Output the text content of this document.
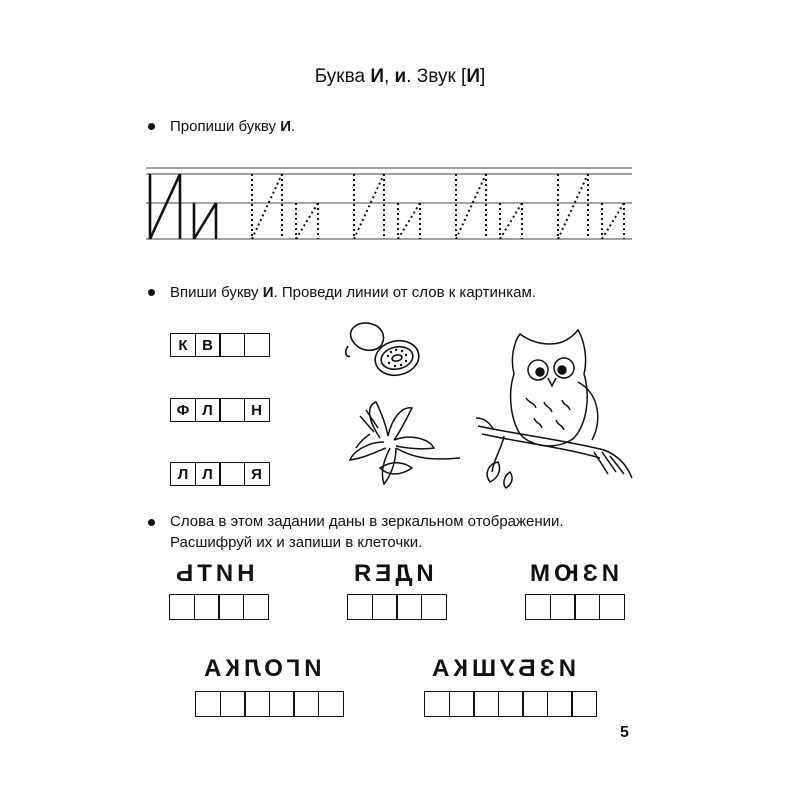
Буква И, и. Звук [И]
Пропиши букву И.
Впиши букву И. Проведи линии от слов к картинкам.
К В
Ф Л	Н
Л Л	Я
Слова в этом задании даны в зеркальном отображении.
Расшифруй их и запиши в клеточки.
НИТЬ	ИДЕЯ	ИЗЮМ
ИГОЛКА	ИЗБУШКА
5
